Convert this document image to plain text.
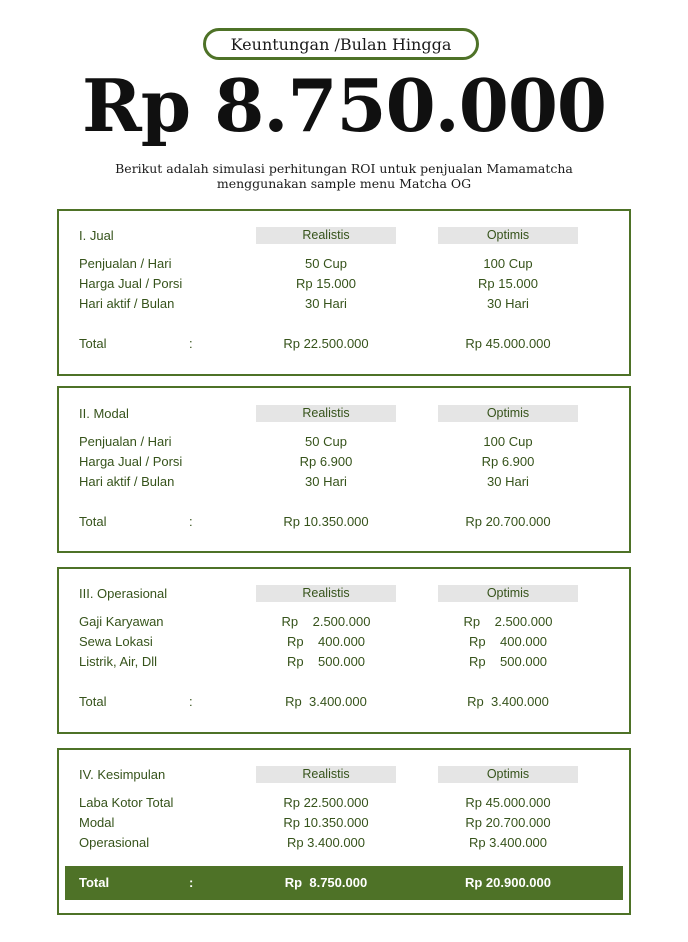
Keuntungan /Bulan Hingga
Rp 8.750.000
Berikut adalah simulasi perhitungan ROI untuk penjualan Mamamatcha
menggunakan sample menu Matcha OG
I. Jual	Realistis	Optimis
Penjualan / Hari	50 Cup	100 Cup
Harga Jual / Porsi	Rp 15.000	Rp 15.000
Hari aktif / Bulan	30 Hari	30 Hari
Total	:	Rp 22.500.000	Rp 45.000.000
II. Modal	Realistis	Optimis
Penjualan / Hari	50 Cup	100 Cup
Harga Jual / Porsi	Rp 6.900	Rp 6.900
Hari aktif / Bulan	30 Hari	30 Hari
Total	:	Rp 10.350.000	Rp 20.700.000
III. Operasional	Realistis	Optimis
Gaji Karyawan	Rp    2.500.000	Rp    2.500.000
Sewa Lokasi	Rp    400.000	Rp    400.000
Listrik, Air, Dll	Rp    500.000	Rp    500.000
Total	:	Rp  3.400.000	Rp  3.400.000
IV. Kesimpulan	Realistis	Optimis
Laba Kotor Total	Rp 22.500.000	Rp 45.000.000
Modal	Rp 10.350.000	Rp 20.700.000
Operasional	Rp 3.400.000	Rp 3.400.000
Total	:	Rp  8.750.000	Rp 20.900.000
